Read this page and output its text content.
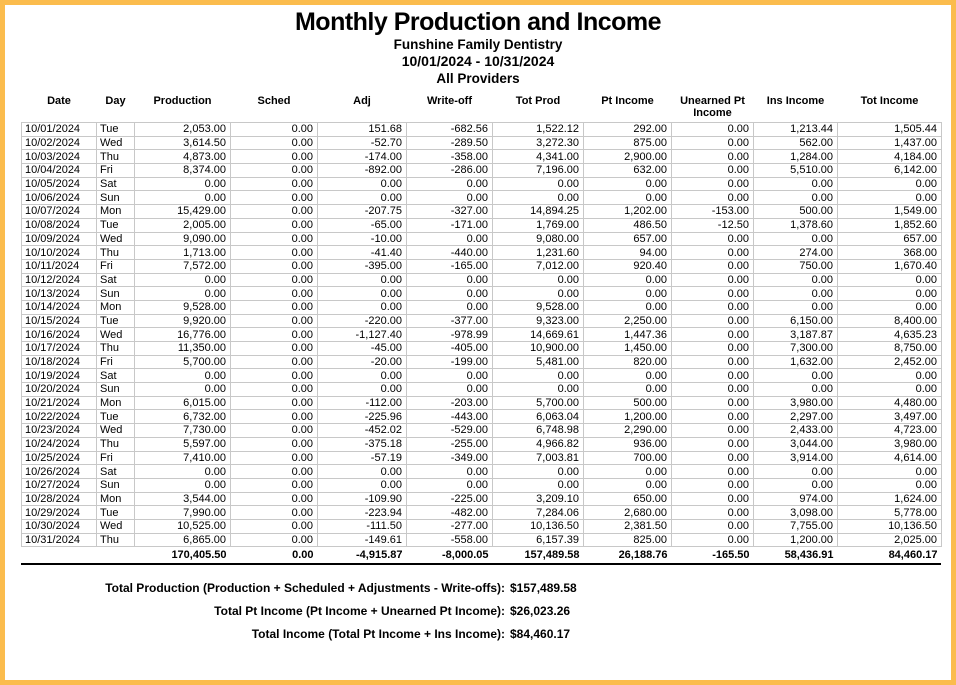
Monthly Production and Income
Funshine Family Dentistry
10/01/2024 - 10/31/2024
All Providers
Date	Day	Production	Sched	Adj	Write-off	Tot Prod	Pt Income	Unearned Pt Income	Ins Income	Tot Income
10/01/2024	Tue	2,053.00	0.00	151.68	-682.56	1,522.12	292.00	0.00	1,213.44	1,505.44
10/02/2024	Wed	3,614.50	0.00	-52.70	-289.50	3,272.30	875.00	0.00	562.00	1,437.00
10/03/2024	Thu	4,873.00	0.00	-174.00	-358.00	4,341.00	2,900.00	0.00	1,284.00	4,184.00
10/04/2024	Fri	8,374.00	0.00	-892.00	-286.00	7,196.00	632.00	0.00	5,510.00	6,142.00
10/05/2024	Sat	0.00	0.00	0.00	0.00	0.00	0.00	0.00	0.00	0.00
10/06/2024	Sun	0.00	0.00	0.00	0.00	0.00	0.00	0.00	0.00	0.00
10/07/2024	Mon	15,429.00	0.00	-207.75	-327.00	14,894.25	1,202.00	-153.00	500.00	1,549.00
10/08/2024	Tue	2,005.00	0.00	-65.00	-171.00	1,769.00	486.50	-12.50	1,378.60	1,852.60
10/09/2024	Wed	9,090.00	0.00	-10.00	0.00	9,080.00	657.00	0.00	0.00	657.00
10/10/2024	Thu	1,713.00	0.00	-41.40	-440.00	1,231.60	94.00	0.00	274.00	368.00
10/11/2024	Fri	7,572.00	0.00	-395.00	-165.00	7,012.00	920.40	0.00	750.00	1,670.40
10/12/2024	Sat	0.00	0.00	0.00	0.00	0.00	0.00	0.00	0.00	0.00
10/13/2024	Sun	0.00	0.00	0.00	0.00	0.00	0.00	0.00	0.00	0.00
10/14/2024	Mon	9,528.00	0.00	0.00	0.00	9,528.00	0.00	0.00	0.00	0.00
10/15/2024	Tue	9,920.00	0.00	-220.00	-377.00	9,323.00	2,250.00	0.00	6,150.00	8,400.00
10/16/2024	Wed	16,776.00	0.00	-1,127.40	-978.99	14,669.61	1,447.36	0.00	3,187.87	4,635.23
10/17/2024	Thu	11,350.00	0.00	-45.00	-405.00	10,900.00	1,450.00	0.00	7,300.00	8,750.00
10/18/2024	Fri	5,700.00	0.00	-20.00	-199.00	5,481.00	820.00	0.00	1,632.00	2,452.00
10/19/2024	Sat	0.00	0.00	0.00	0.00	0.00	0.00	0.00	0.00	0.00
10/20/2024	Sun	0.00	0.00	0.00	0.00	0.00	0.00	0.00	0.00	0.00
10/21/2024	Mon	6,015.00	0.00	-112.00	-203.00	5,700.00	500.00	0.00	3,980.00	4,480.00
10/22/2024	Tue	6,732.00	0.00	-225.96	-443.00	6,063.04	1,200.00	0.00	2,297.00	3,497.00
10/23/2024	Wed	7,730.00	0.00	-452.02	-529.00	6,748.98	2,290.00	0.00	2,433.00	4,723.00
10/24/2024	Thu	5,597.00	0.00	-375.18	-255.00	4,966.82	936.00	0.00	3,044.00	3,980.00
10/25/2024	Fri	7,410.00	0.00	-57.19	-349.00	7,003.81	700.00	0.00	3,914.00	4,614.00
10/26/2024	Sat	0.00	0.00	0.00	0.00	0.00	0.00	0.00	0.00	0.00
10/27/2024	Sun	0.00	0.00	0.00	0.00	0.00	0.00	0.00	0.00	0.00
10/28/2024	Mon	3,544.00	0.00	-109.90	-225.00	3,209.10	650.00	0.00	974.00	1,624.00
10/29/2024	Tue	7,990.00	0.00	-223.94	-482.00	7,284.06	2,680.00	0.00	3,098.00	5,778.00
10/30/2024	Wed	10,525.00	0.00	-111.50	-277.00	10,136.50	2,381.50	0.00	7,755.00	10,136.50
10/31/2024	Thu	6,865.00	0.00	-149.61	-558.00	6,157.39	825.00	0.00	1,200.00	2,025.00
		170,405.50	0.00	-4,915.87	-8,000.05	157,489.58	26,188.76	-165.50	58,436.91	84,460.17
Total Production (Production + Scheduled + Adjustments - Write-offs): $157,489.58
Total Pt Income (Pt Income + Unearned Pt Income): $26,023.26
Total Income (Total Pt Income + Ins Income): $84,460.17
